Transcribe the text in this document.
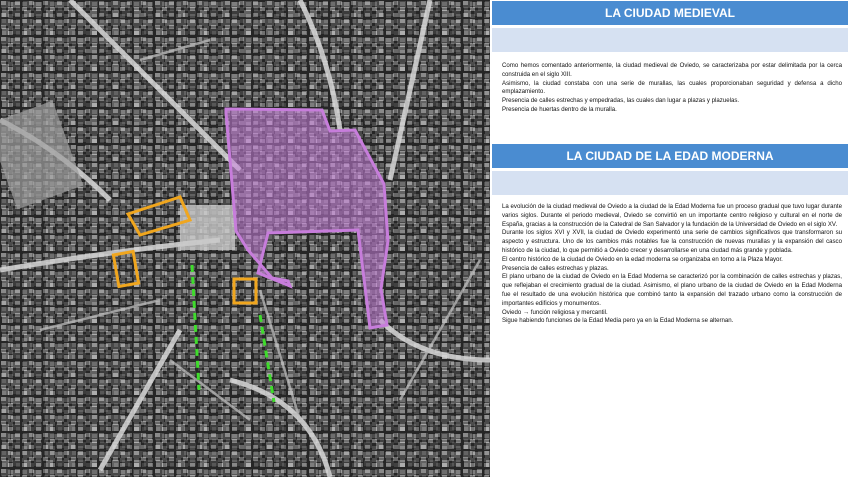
LA CIUDAD MEDIEVAL

Como hemos comentado anteriormente, la ciudad medieval de Oviedo, se caracterizaba por estar delimitada por la cerca construida en el siglo XIII.

Asimismo, la ciudad constaba con una serie de murallas, las cuales proporcionaban seguridad y defensa a dicho emplazamiento.

Presencia de calles estrechas y empedradas, las cuales dan lugar a plazas y plazuelas.

Presencia de huertas dentro de la muralla.

LA CIUDAD DE LA EDAD MODERNA

La evolución de la ciudad medieval de Oviedo a la ciudad de la Edad Moderna fue un proceso gradual que tuvo lugar durante varios siglos. Durante el periodo medieval, Oviedo se convirtió en un importante centro religioso y cultural en el norte de España, gracias a la construcción de la Catedral de San Salvador y la fundación de la Universidad de Oviedo en el siglo XV.

Durante los siglos XVI y XVII, la ciudad de Oviedo experimentó una serie de cambios significativos que transformaron su aspecto y estructura. Uno de los cambios más notables fue la construcción de nuevas murallas y la expansión del casco histórico de la ciudad, lo que permitió a Oviedo crecer y desarrollarse en una ciudad más grande y poblada.

El centro histórico de la ciudad de Oviedo en la edad moderna se organizaba en torno a la Plaza Mayor.

Presencia de calles estrechas y plazas.

El plano urbano de la ciudad de Oviedo en la Edad Moderna se caracterizó por la combinación de calles estrechas y plazas, que reflejaban el crecimiento gradual de la ciudad. Asimismo, el plano urbano de la ciudad de Oviedo en la Edad Moderna fue el resultado de una evolución histórica que combinó tanto la expansión del trazado urbano como la construcción de importantes edificios y monumentos.

Oviedo → función religiosa y mercantil.

Sigue habiendo funciones de la Edad Media pero ya en la Edad Moderna se alternan.
